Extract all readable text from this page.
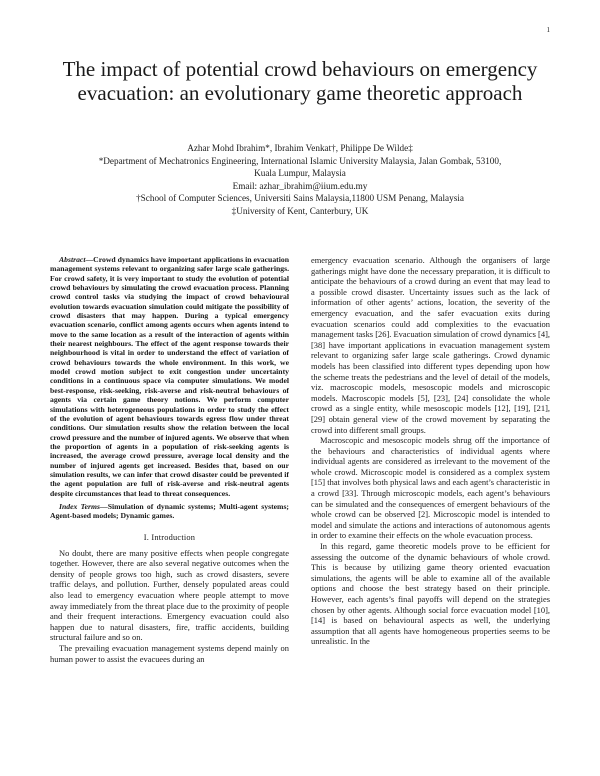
1
The impact of potential crowd behaviours on emergency evacuation: an evolutionary game theoretic approach
Azhar Mohd Ibrahim*, Ibrahim Venkat†, Philippe De Wilde‡
*Department of Mechatronics Engineering, International Islamic University Malaysia, Jalan Gombak, 53100,
Kuala Lumpur, Malaysia
Email: azhar_ibrahim@iium.edu.my
†School of Computer Sciences, Universiti Sains Malaysia,11800 USM Penang, Malaysia
‡University of Kent, Canterbury, UK

Abstract—Crowd dynamics have important applications in evacuation management systems relevant to organizing safer large scale gatherings. For crowd safety, it is very important to study the evolution of potential crowd behaviours by simulating the crowd evacuation process. Planning crowd control tasks via studying the impact of crowd behavioural evolution towards evacuation simulation could mitigate the possibility of crowd disasters that may happen. During a typical emergency evacuation scenario, conflict among agents occurs when agents intend to move to the same location as a result of the interaction of agents within their nearest neighbours. The effect of the agent response towards their neighbourhood is vital in order to understand the effect of variation of crowd behaviours towards the whole environment. In this work, we model crowd motion subject to exit congestion under uncertainty conditions in a continuous space via computer simulations. We model best-response, risk-seeking, risk-averse and risk-neutral behaviours of agents via certain game theory notions. We perform computer simulations with heterogeneous populations in order to study the effect of the evolution of agent behaviours towards egress flow under threat conditions. Our simulation results show the relation between the local crowd pressure and the number of injured agents. We observe that when the proportion of agents in a population of risk-seeking agents is increased, the average crowd pressure, average local density and the number of injured agents get increased. Besides that, based on our simulation results, we can infer that crowd disaster could be prevented if the agent population are full of risk-averse and risk-neutral agents despite circumstances that lead to threat consequences.

Index Terms—Simulation of dynamic systems; Multi-agent systems; Agent-based models; Dynamic games.

I. Introduction

No doubt, there are many positive effects when people congregate together. However, there are also several negative outcomes when the density of people grows too high, such as crowd disasters, severe traffic delays, and pollution. Further, densely populated areas could also lead to emergency evacuation where people attempt to move away immediately from the threat place due to the proximity of people and their frequent interactions. Emergency evacuation could also happen due to natural disasters, fire, traffic accidents, building structural failure and so on.

The prevailing evacuation management systems depend mainly on human power to assist the evacuees during an

emergency evacuation scenario. Although the organisers of large gatherings might have done the necessary preparation, it is difficult to anticipate the behaviours of a crowd during an event that may lead to a possible crowd disaster. Uncertainty issues such as the lack of information of other agents’ actions, location, the severity of the emergency evacuation, and the safer evacuation exits during evacuation scenarios could add complexities to the evacuation management tasks [26]. Evacuation simulation of crowd dynamics [4], [38] have important applications in evacuation management system relevant to organizing safer large scale gatherings. Crowd dynamic models has been classified into different types depending upon how the scheme treats the pedestrians and the level of detail of the models, viz. macroscopic models, mesoscopic models and microscopic models. Macroscopic models [5], [23], [24] consolidate the whole crowd as a single entity, while mesoscopic models [12], [19], [21], [29] obtain general view of the crowd movement by separating the crowd into different small groups.

Macroscopic and mesoscopic models shrug off the importance of the behaviours and characteristics of individual agents where individual agents are considered as irrelevant to the movement of the whole crowd. Microscopic model is considered as a complex system [15] that involves both physical laws and each agent’s characteristic in a crowd [33]. Through microscopic models, each agent’s behaviours can be simulated and the consequences of emergent behaviours of the whole crowd can be observed [2]. Microscopic model is intended to model and simulate the actions and interactions of autonomous agents in order to examine their effects on the whole evacuation process.

In this regard, game theoretic models prove to be efficient for assessing the outcome of the dynamic behaviours of whole crowd. This is because by utilizing game theory oriented evacuation simulations, the agents will be able to examine all of the available options and choose the best strategy based on their principle. However, each agents’s final payoffs will depend on the strategies chosen by other agents. Although social force evacuation model [10], [14] is based on behavioural aspects as well, the underlying assumption that all agents have homogeneous properties seems to be unrealistic. In the
